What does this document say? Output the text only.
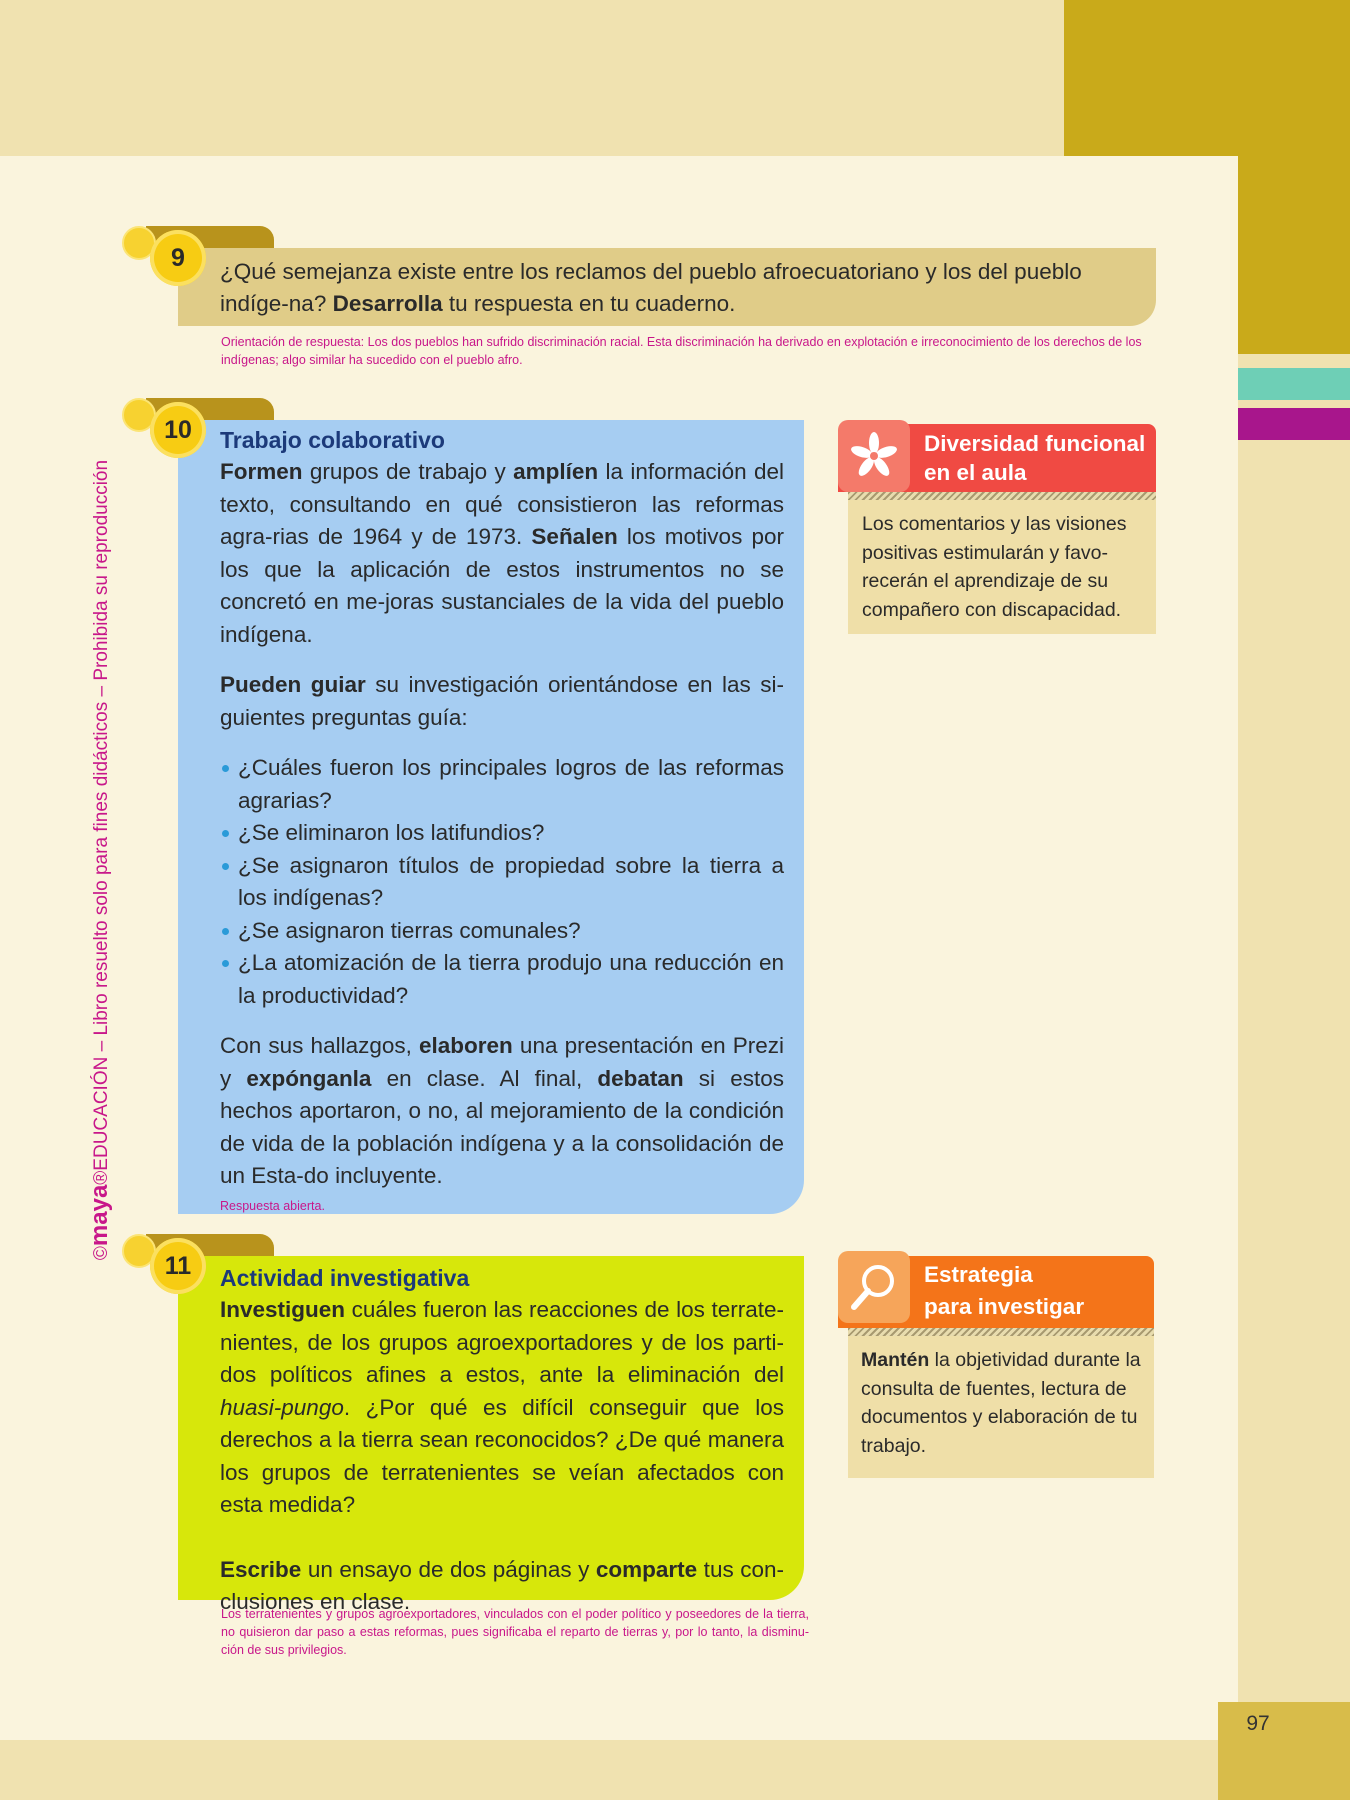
97
©maya®EDUCACIÓN – Libro resuelto solo para fines didácticos – Prohibida su reproducción
9	¿Qué semejanza existe entre los reclamos del pueblo afroecuatoriano y los del pueblo indíge-na? Desarrolla tu respuesta en tu cuaderno.
Orientación de respuesta: Los dos pueblos han sufrido discriminación racial. Esta discriminación ha derivado en explotación e irreconocimiento de los derechos de los indígenas; algo similar ha sucedido con el pueblo afro.
10	Trabajo colaborativo

Formen grupos de trabajo y amplíen la información del texto, consultando en qué consistieron las reformas agra-rias de 1964 y de 1973. Señalen los motivos por los que la aplicación de estos instrumentos no se concretó en me-joras sustanciales de la vida del pueblo indígena.

Pueden guiar su investigación orientándose en las si-guientes preguntas guía:

¿Cuáles fueron los principales logros de las reformas agrarias?
¿Se eliminaron los latifundios?
¿Se asignaron títulos de propiedad sobre la tierra a los indígenas?
¿Se asignaron tierras comunales?
¿La atomización de la tierra produjo una reducción en la productividad?

Con sus hallazgos, elaboren una presentación en Prezi y expónganla en clase. Al final, debatan si estos hechos aportaron, o no, al mejoramiento de la condición de vida de la población indígena y a la consolidación de un Esta-do incluyente.

Respuesta abierta.
Diversidad funcional
en el aula
Los comentarios y las visiones positivas estimularán y favo-recerán el aprendizaje de su compañero con discapacidad.
11	Actividad investigativa

Investiguen cuáles fueron las reacciones de los terrate-nientes, de los grupos agroexportadores y de los parti-dos políticos afines a estos, ante la eliminación del huasi-pungo. ¿Por qué es difícil conseguir que los derechos a la tierra sean reconocidos? ¿De qué manera los grupos de terratenientes se veían afectados con esta medida?

Escribe un ensayo de dos páginas y comparte tus con-clusiones en clase.

Los terratenientes y grupos agroexportadores, vinculados con el poder político y poseedores de la tierra, no quisieron dar paso a estas reformas, pues significaba el reparto de tierras y, por lo tanto, la disminu-ción de sus privilegios.
Estrategia
para investigar
Mantén la objetividad durante la consulta de fuentes, lectura de documentos y elaboración de tu trabajo.
